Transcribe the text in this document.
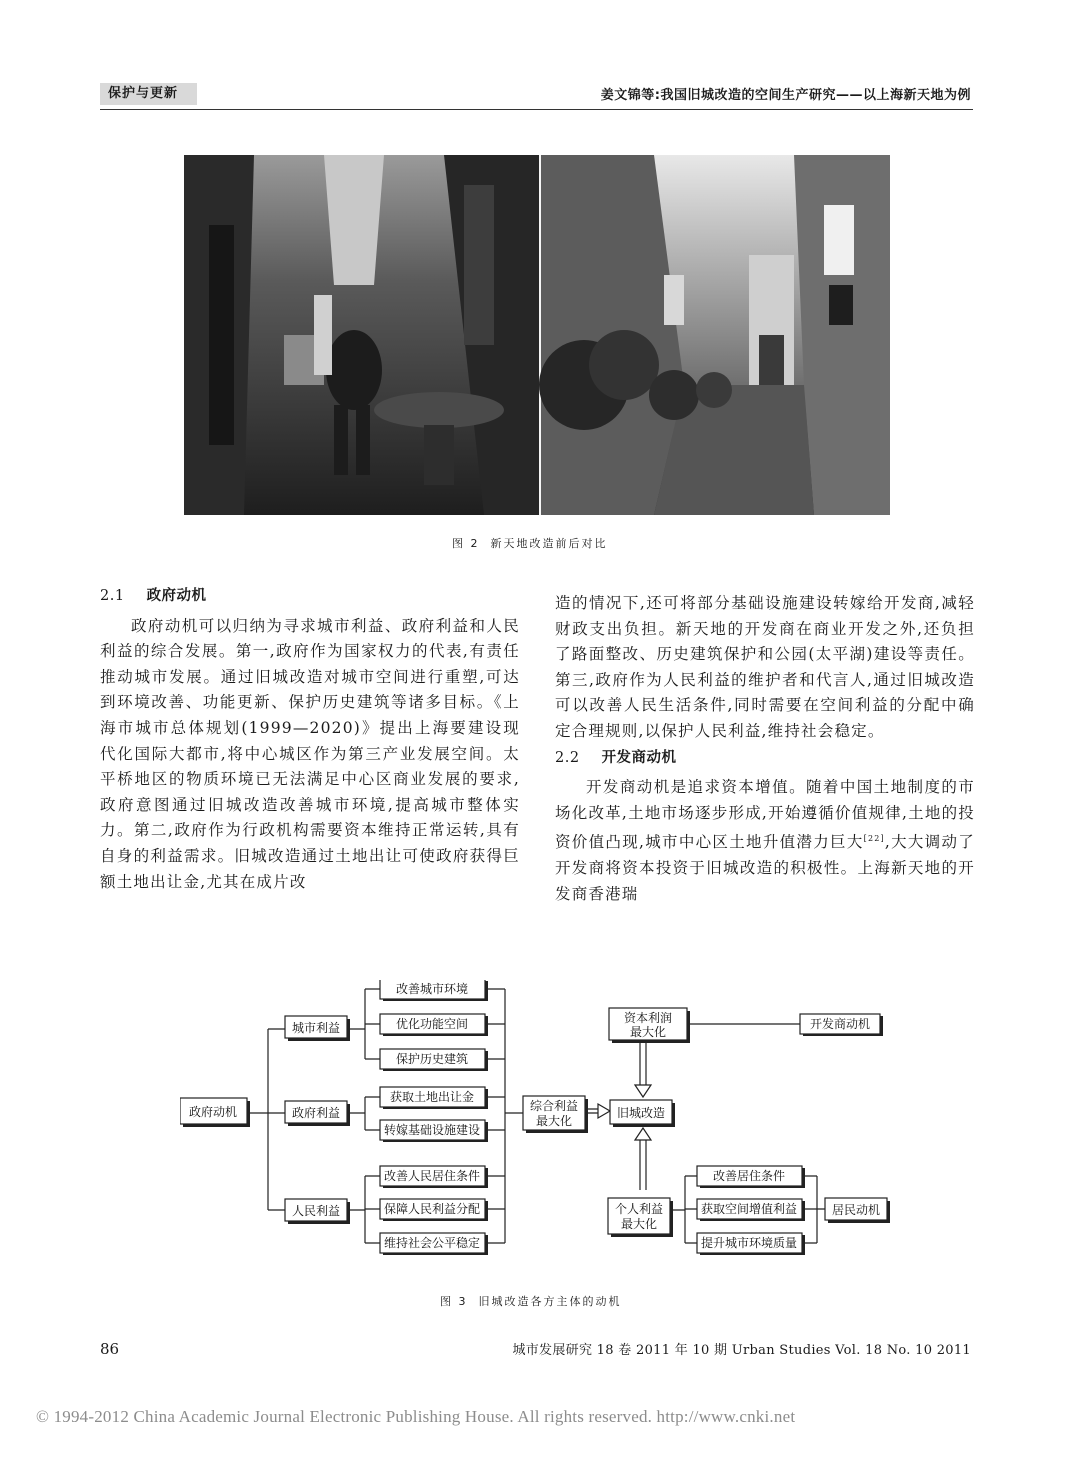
保护与更新	姜文锦等:我国旧城改造的空间生产研究——以上海新天地为例
图 2 新天地改造前后对比
2.1 政府动机

政府动机可以归纳为寻求城市利益、政府利益和人民利益的综合发展。第一,政府作为国家权力的代表,有责任推动城市发展。通过旧城改造对城市空间进行重塑,可达到环境改善、功能更新、保护历史建筑等诸多目标。《上海市城市总体规划(1999—2020)》提出上海要建设现代化国际大都市,将中心城区作为第三产业发展空间。太平桥地区的物质环境已无法满足中心区商业发展的要求,政府意图通过旧城改造改善城市环境,提高城市整体实力。第二,政府作为行政机构需要资本维持正常运转,具有自身的利益需求。旧城改造通过土地出让可使政府获得巨额土地出让金,尤其在成片改

造的情况下,还可将部分基础设施建设转嫁给开发商,减轻财政支出负担。新天地的开发商在商业开发之外,还负担了路面整改、历史建筑保护和公园(太平湖)建设等责任。第三,政府作为人民利益的维护者和代言人,通过旧城改造可以改善人民生活条件,同时需要在空间利益的分配中确定合理规则,以保护人民利益,维持社会稳定。

2.2 开发商动机

开发商动机是追求资本增值。随着中国土地制度的市场化改革,土地市场逐步形成,开始遵循价值规律,土地的投资价值凸现,城市中心区土地升值潜力巨大[22],大大调动了开发商将资本投资于旧城改造的积极性。上海新天地的开发商香港瑞

政府动机
城市利益
政府利益
人民利益
改善城市环境
优化功能空间
保护历史建筑
获取土地出让金
转嫁基础设施建设
改善人民居住条件
保障人民利益分配
维持社会公平稳定
综合利益
最大化
旧城改造
资本利润
最大化
开发商动机
个人利益
最大化
改善居住条件
获取空间增值利益
提升城市环境质量
居民动机
图 3 旧城改造各方主体的动机
86	城市发展研究 18 卷 2011 年 10 期 Urban Studies Vol. 18 No. 10 2011
© 1994-2012 China Academic Journal Electronic Publishing House. All rights reserved. http://www.cnki.net
